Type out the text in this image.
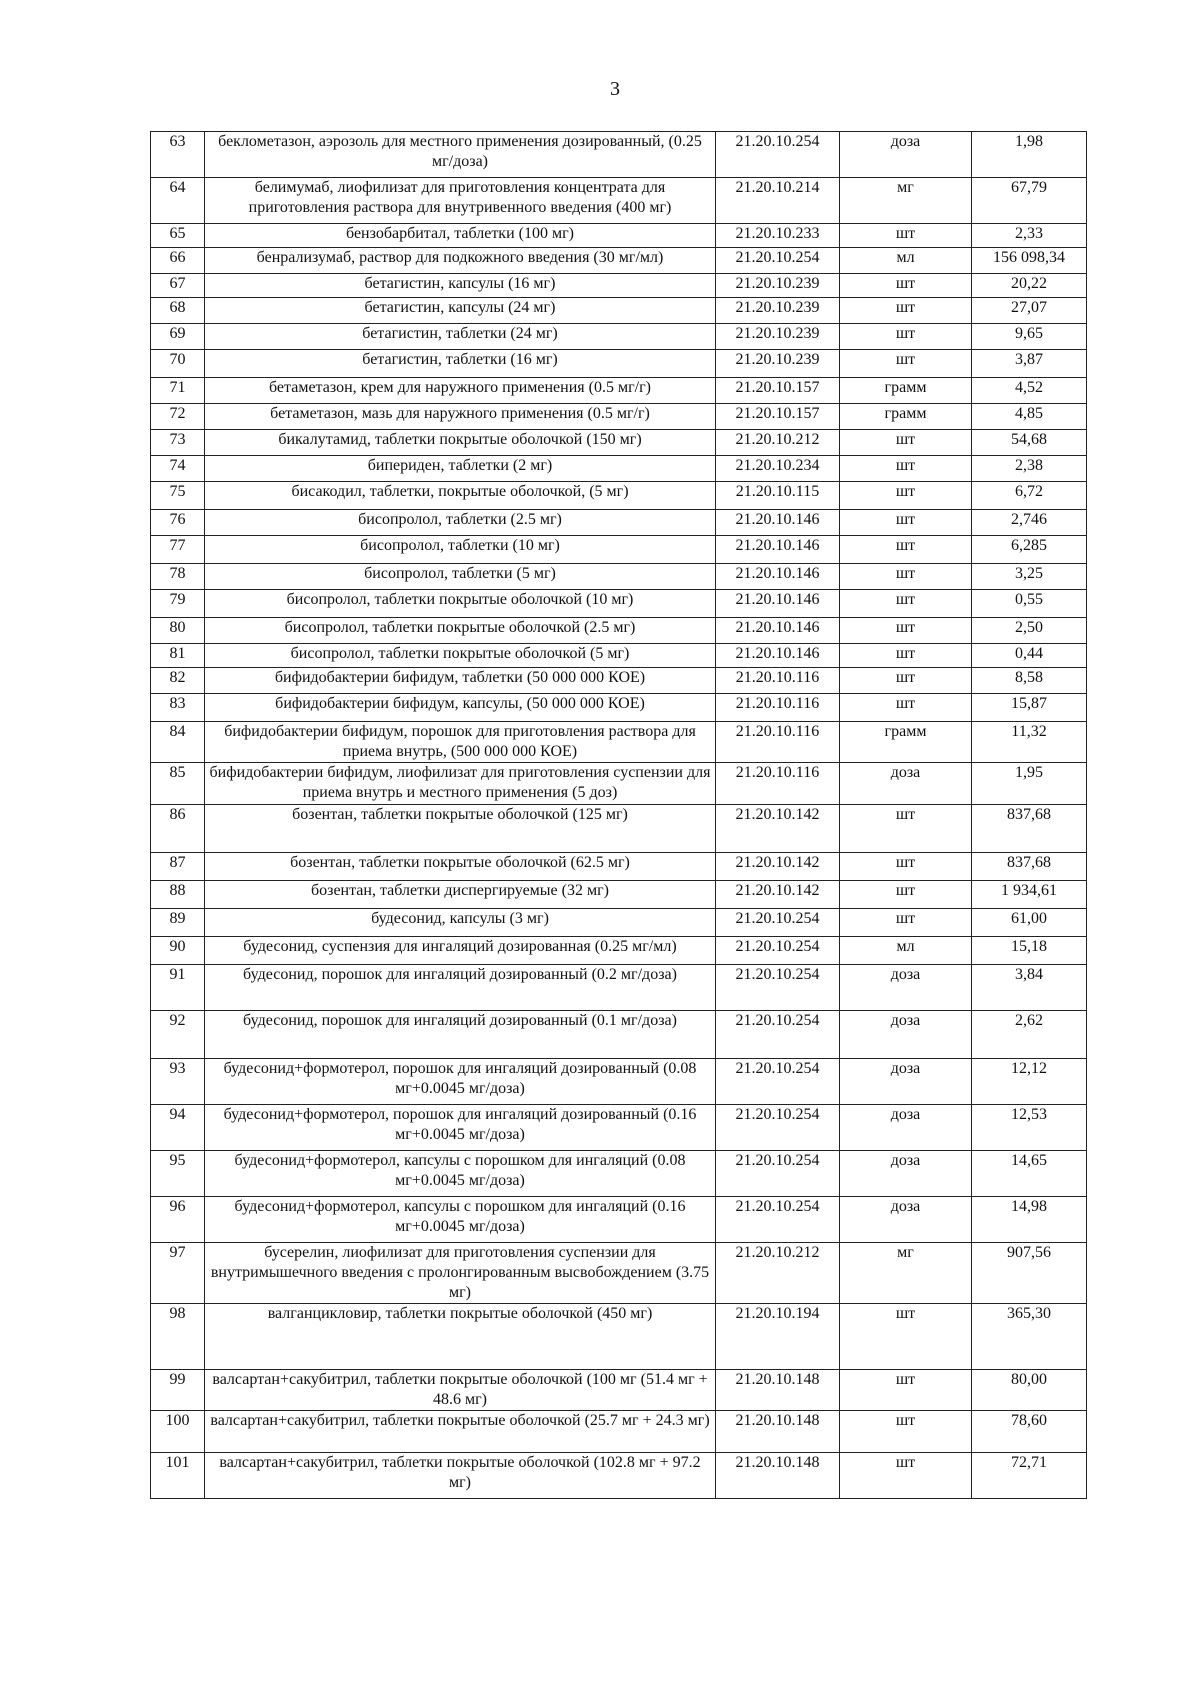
3
63	беклометазон, аэрозоль для местного применения дозированный, (0.25 мг/доза)	21.20.10.254	доза	1,98
64	белимумаб, лиофилизат для приготовления концентрата для приготовления раствора для внутривенного введения (400 мг)	21.20.10.214	мг	67,79
65	бензобарбитал, таблетки (100 мг)	21.20.10.233	шт	2,33
66	бенрализумаб, раствор для подкожного введения (30 мг/мл)	21.20.10.254	мл	156 098,34
67	бетагистин, капсулы (16 мг)	21.20.10.239	шт	20,22
68	бетагистин, капсулы (24 мг)	21.20.10.239	шт	27,07
69	бетагистин, таблетки (24 мг)	21.20.10.239	шт	9,65
70	бетагистин, таблетки (16 мг)	21.20.10.239	шт	3,87
71	бетаметазон, крем для наружного применения (0.5 мг/г)	21.20.10.157	грамм	4,52
72	бетаметазон, мазь для наружного применения (0.5 мг/г)	21.20.10.157	грамм	4,85
73	бикалутамид, таблетки покрытые оболочкой (150 мг)	21.20.10.212	шт	54,68
74	бипериден, таблетки (2 мг)	21.20.10.234	шт	2,38
75	бисакодил, таблетки, покрытые оболочкой, (5 мг)	21.20.10.115	шт	6,72
76	бисопролол, таблетки (2.5 мг)	21.20.10.146	шт	2,746
77	бисопролол, таблетки (10 мг)	21.20.10.146	шт	6,285
78	бисопролол, таблетки (5 мг)	21.20.10.146	шт	3,25
79	бисопролол, таблетки покрытые оболочкой (10 мг)	21.20.10.146	шт	0,55
80	бисопролол, таблетки покрытые оболочкой (2.5 мг)	21.20.10.146	шт	2,50
81	бисопролол, таблетки покрытые оболочкой (5 мг)	21.20.10.146	шт	0,44
82	бифидобактерии бифидум, таблетки (50 000 000 КОЕ)	21.20.10.116	шт	8,58
83	бифидобактерии бифидум, капсулы, (50 000 000 КОЕ)	21.20.10.116	шт	15,87
84	бифидобактерии бифидум, порошок для приготовления раствора для приема внутрь, (500 000 000 КОЕ)	21.20.10.116	грамм	11,32
85	бифидобактерии бифидум, лиофилизат для приготовления суспензии для приема внутрь и местного применения (5 доз)	21.20.10.116	доза	1,95
86	бозентан, таблетки покрытые оболочкой (125 мг)	21.20.10.142	шт	837,68
87	бозентан, таблетки покрытые оболочкой (62.5 мг)	21.20.10.142	шт	837,68
88	бозентан, таблетки диспергируемые (32 мг)	21.20.10.142	шт	1 934,61
89	будесонид, капсулы (3 мг)	21.20.10.254	шт	61,00
90	будесонид, суспензия для ингаляций дозированная (0.25 мг/мл)	21.20.10.254	мл	15,18
91	будесонид, порошок для ингаляций дозированный (0.2 мг/доза)	21.20.10.254	доза	3,84
92	будесонид, порошок для ингаляций дозированный (0.1 мг/доза)	21.20.10.254	доза	2,62
93	будесонид+формотерол, порошок для ингаляций дозированный (0.08 мг+0.0045 мг/доза)	21.20.10.254	доза	12,12
94	будесонид+формотерол, порошок для ингаляций дозированный (0.16 мг+0.0045 мг/доза)	21.20.10.254	доза	12,53
95	будесонид+формотерол, капсулы с порошком для ингаляций (0.08 мг+0.0045 мг/доза)	21.20.10.254	доза	14,65
96	будесонид+формотерол, капсулы с порошком для ингаляций (0.16 мг+0.0045 мг/доза)	21.20.10.254	доза	14,98
97	бусерелин, лиофилизат для приготовления суспензии для внутримышечного введения с пролонгированным высвобождением (3.75 мг)	21.20.10.212	мг	907,56
98	валганцикловир, таблетки покрытые оболочкой (450 мг)	21.20.10.194	шт	365,30
99	валсартан+сакубитрил, таблетки покрытые оболочкой (100 мг (51.4 мг + 48.6 мг)	21.20.10.148	шт	80,00
100	валсартан+сакубитрил, таблетки покрытые оболочкой (25.7 мг + 24.3 мг)	21.20.10.148	шт	78,60
101	валсартан+сакубитрил, таблетки покрытые оболочкой (102.8 мг + 97.2 мг)	21.20.10.148	шт	72,71
